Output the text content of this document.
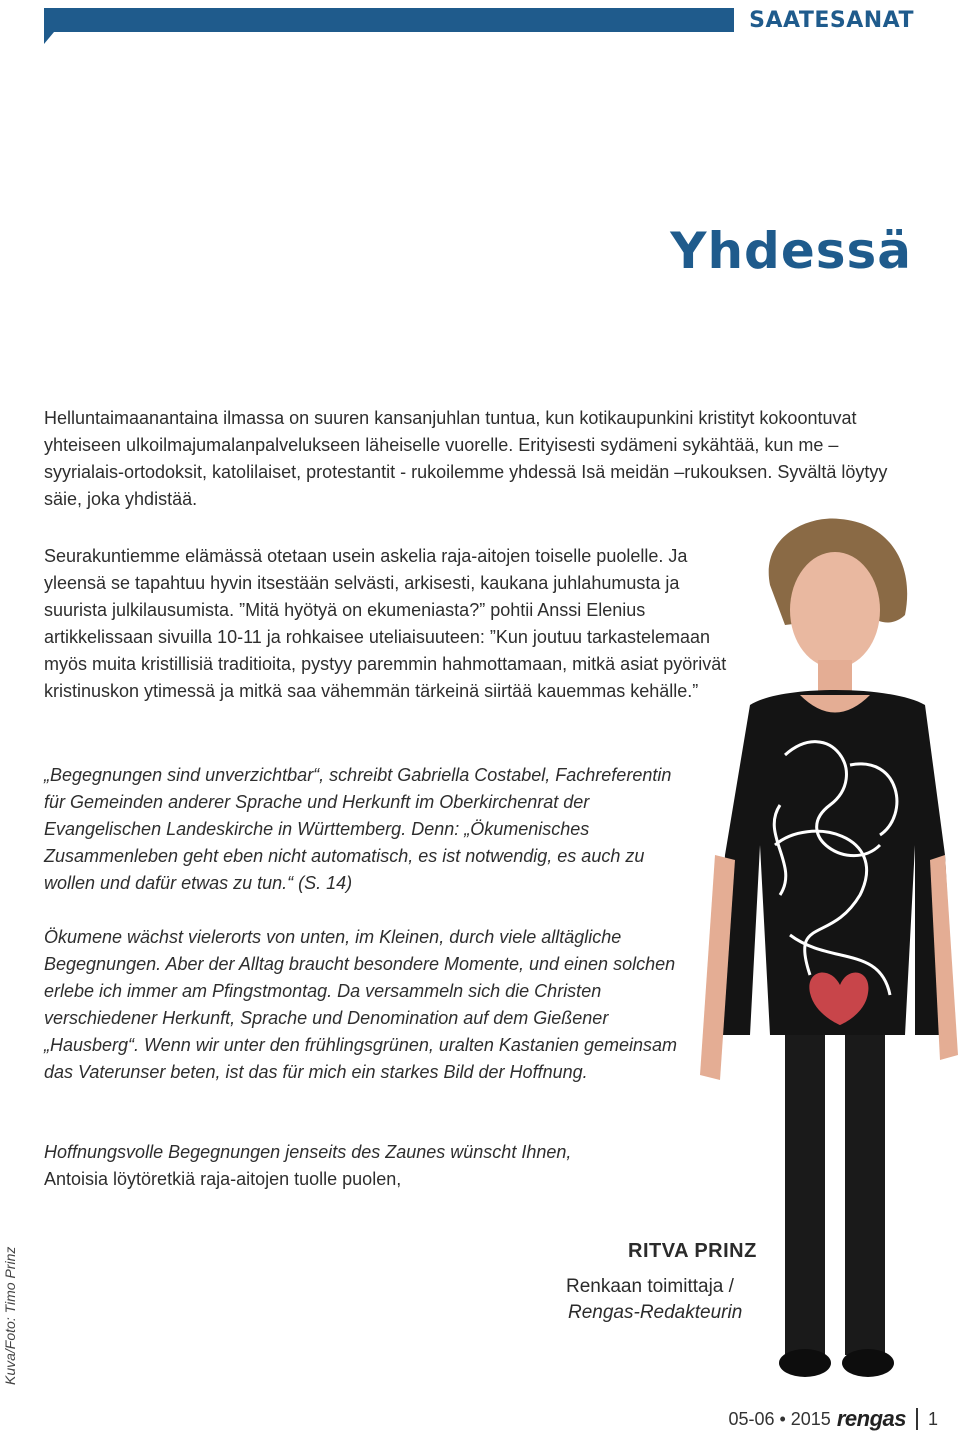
SAATESANAT
Yhdessä

Helluntaimaanantaina ilmassa on suuren kansanjuhlan tuntua, kun kotikaupunkini kristityt kokoontuvat yhteiseen ulkoilmajumalanpalvelukseen läheiselle vuorelle. Erityisesti sydämeni sykähtää, kun me – syyrialais-ortodoksit, katolilaiset, protestantit - rukoilemme yhdessä Isä meidän –rukouksen. Syvältä löytyy säie, joka yhdistää.

Seurakuntiemme elämässä otetaan usein askelia raja-aitojen toiselle puolelle. Ja yleensä se tapahtuu hyvin itsestään selvästi, arkisesti, kaukana juhlahumusta ja suurista julkilausumista. ”Mitä hyötyä on ekumeniasta?” pohtii Anssi Elenius artikkelissaan sivuilla 10-11 ja rohkaisee uteliaisuuteen: ”Kun joutuu tarkastelemaan myös muita kristillisiä traditioita, pystyy paremmin hahmottamaan, mitkä asiat pyörivät kristinuskon ytimessä ja mitkä saa vähemmän tärkeinä siirtää kauemmas kehälle.”

„Begegnungen sind unverzichtbar“, schreibt Gabriella Costabel, Fachreferentin für Gemeinden anderer Sprache und Herkunft im Oberkirchenrat der Evangelischen Landeskirche in Württemberg. Denn: „Ökumenisches Zusammenleben geht eben nicht automatisch, es ist notwendig, es auch zu wollen und dafür etwas zu tun.“ (S. 14)

Ökumene wächst vielerorts von unten, im Kleinen, durch viele alltägliche Begegnungen. Aber der Alltag braucht besondere Momente, und einen solchen erlebe ich immer am Pfingstmontag. Da versammeln sich die Christen verschiedener Herkunft, Sprache und Denomination auf dem Gießener „Hausberg“. Wenn wir unter den frühlingsgrünen, uralten Kastanien gemeinsam das Vaterunser beten, ist das für mich ein starkes Bild der Hoffnung.

Hoffnungsvolle Begegnungen jenseits des Zaunes wünscht Ihnen,
Antoisia löytöretkiä raja-aitojen tuolle puolen,
RITVA PRINZ
Renkaan toimittaja /
Rengas-Redakteurin
Kuva/Foto: Timo Prinz
05-06 • 2015 rengas 1
